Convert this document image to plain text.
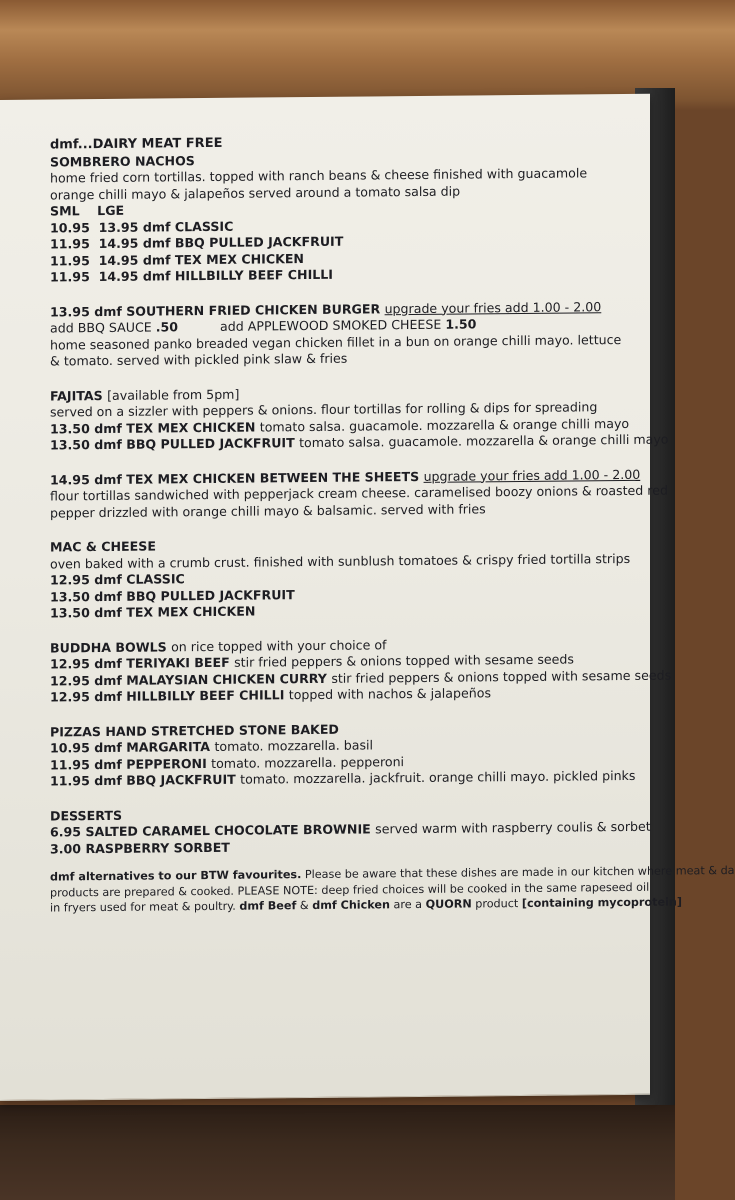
dmf...DAIRY MEAT FREE
SOMBRERO NACHOS
home fried corn tortillas. topped with ranch beans & cheese finished with guacamole
orange chilli mayo & jalapeños served around a tomato salsa dip
SML    LGE
10.95  13.95 dmf CLASSIC
11.95  14.95 dmf BBQ PULLED JACKFRUIT
11.95  14.95 dmf TEX MEX CHICKEN
11.95  14.95 dmf HILLBILLY BEEF CHILLI
13.95 dmf SOUTHERN FRIED CHICKEN BURGER upgrade your fries add 1.00 - 2.00
add BBQ SAUCE .50	add APPLEWOOD SMOKED CHEESE 1.50
home seasoned panko breaded vegan chicken fillet in a bun on orange chilli mayo. lettuce
& tomato. served with pickled pink slaw & fries
FAJITAS [available from 5pm]
served on a sizzler with peppers & onions. flour tortillas for rolling & dips for spreading
13.50 dmf TEX MEX CHICKEN tomato salsa. guacamole. mozzarella & orange chilli mayo
13.50 dmf BBQ PULLED JACKFRUIT tomato salsa. guacamole. mozzarella & orange chilli mayo
14.95 dmf TEX MEX CHICKEN BETWEEN THE SHEETS upgrade your fries add 1.00 - 2.00
flour tortillas sandwiched with pepperjack cream cheese. caramelised boozy onions & roasted red
pepper drizzled with orange chilli mayo & balsamic. served with fries
MAC & CHEESE
oven baked with a crumb crust. finished with sunblush tomatoes & crispy fried tortilla strips
12.95 dmf CLASSIC
13.50 dmf BBQ PULLED JACKFRUIT
13.50 dmf TEX MEX CHICKEN
BUDDHA BOWLS on rice topped with your choice of
12.95 dmf TERIYAKI BEEF stir fried peppers & onions topped with sesame seeds
12.95 dmf MALAYSIAN CHICKEN CURRY stir fried peppers & onions topped with sesame seeds
12.95 dmf HILLBILLY BEEF CHILLI topped with nachos & jalapeños
PIZZAS HAND STRETCHED STONE BAKED
10.95 dmf MARGARITA tomato. mozzarella. basil
11.95 dmf PEPPERONI tomato. mozzarella. pepperoni
11.95 dmf BBQ JACKFRUIT tomato. mozzarella. jackfruit. orange chilli mayo. pickled pinks
DESSERTS
6.95 SALTED CARAMEL CHOCOLATE BROWNIE served warm with raspberry coulis & sorbet
3.00 RASPBERRY SORBET
dmf alternatives to our BTW favourites. Please be aware that these dishes are made in our kitchen where meat & da
products are prepared & cooked. PLEASE NOTE: deep fried choices will be cooked in the same rapeseed oil
in fryers used for meat & poultry. dmf Beef & dmf Chicken are a QUORN product [containing mycoprotein]
